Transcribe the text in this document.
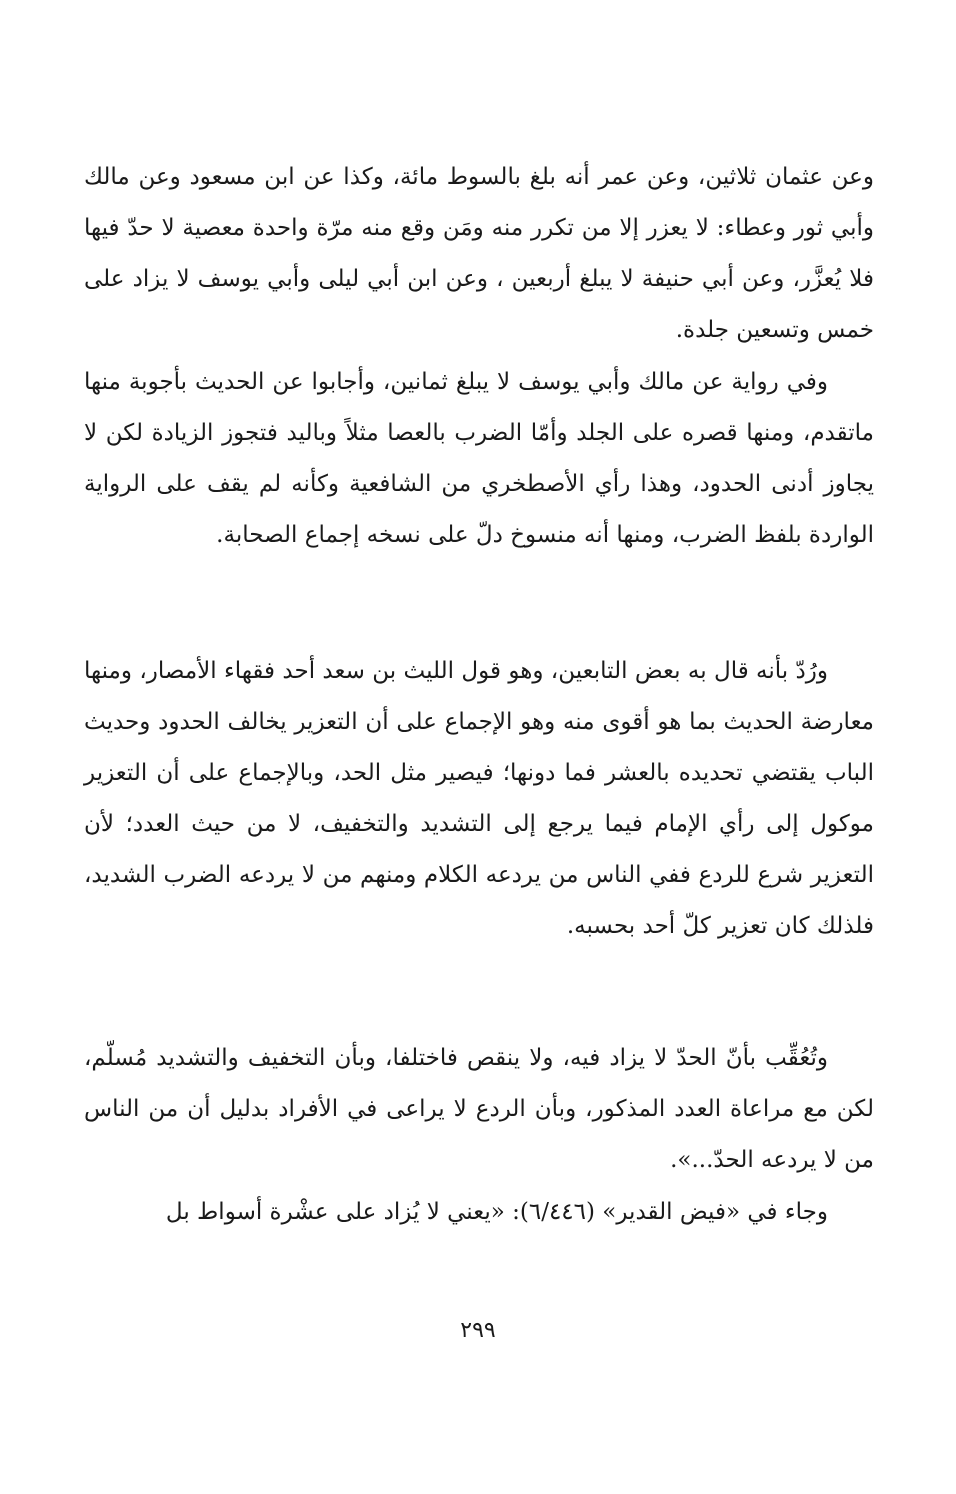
وعن عثمان ثلاثين، وعن عمر أنه بلغ بالسوط مائة، وكذا عن ابن مسعود وعن مالك وأبي ثور وعطاء: لا يعزر إلا من تكرر منه ومَن وقع منه مرّة واحدة معصية لا حدّ فيها فلا يُعزَّر، وعن أبي حنيفة لا يبلغ أربعين ، وعن ابن أبي ليلى وأبي يوسف لا يزاد على خمس وتسعين جلدة.

وفي رواية عن مالك وأبي يوسف لا يبلغ ثمانين، وأجابوا عن الحديث بأجوبة منها ماتقدم، ومنها قصره على الجلد وأمّا الضرب بالعصا مثلاً وباليد فتجوز الزيادة لكن لا يجاوز أدنى الحدود، وهذا رأي الأصطخري من الشافعية وكأنه لم يقف على الرواية الواردة بلفظ الضرب، ومنها أنه منسوخ دلّ على نسخه إجماع الصحابة.

ورُدّ بأنه قال به بعض التابعين، وهو قول الليث بن سعد أحد فقهاء الأمصار، ومنها معارضة الحديث بما هو أقوى منه وهو الإجماع على أن التعزير يخالف الحدود وحديث الباب يقتضي تحديده بالعشر فما دونها؛ فيصير مثل الحد، وبالإجماع على أن التعزير موكول إلى رأي الإمام فيما يرجع إلى التشديد والتخفيف، لا من حيث العدد؛ لأن التعزير شرع للردع ففي الناس من يردعه الكلام ومنهم من لا يردعه الضرب الشديد، فلذلك كان تعزير كلّ أحد بحسبه.

وتُعُقِّب بأنّ الحدّ لا يزاد فيه، ولا ينقص فاختلفا، وبأن التخفيف والتشديد مُسلّم، لكن مع مراعاة العدد المذكور، وبأن الردع لا يراعى في الأفراد بدليل أن من الناس من لا يردعه الحدّ...».

وجاء في «فيض القدير» (٦/٤٤٦): «يعني لا يُزاد على عشْرة أسواط بل

٢٩٩
